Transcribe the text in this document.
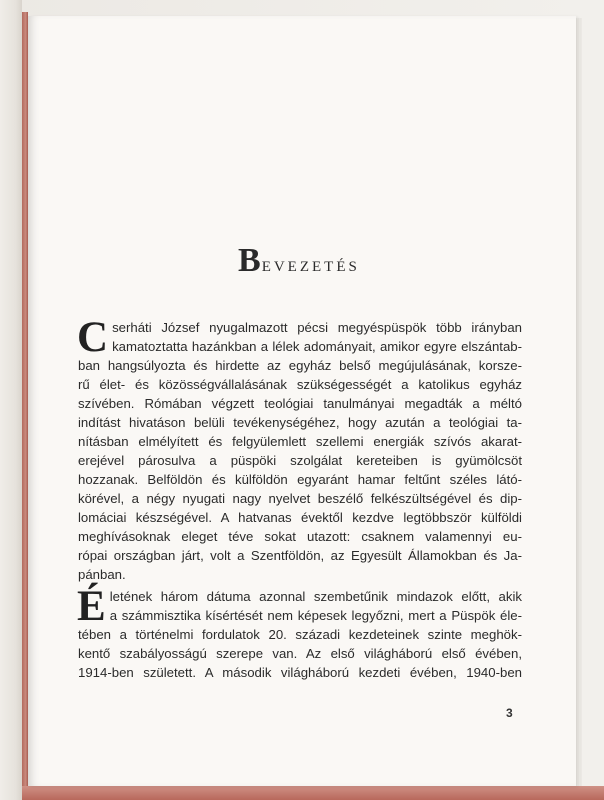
BEVEZETÉS
C serháti József nyugalmazott pécsi megyéspüspök több irányban
kamatoztatta hazánkban a lélek adományait, amikor egyre elszántab-
ban hangsúlyozta és hirdette az egyház belső megújulásának, korsze-
rű élet- és közösségvállalásának szükségességét a katolikus egyház
szívében. Rómában végzett teológiai tanulmányai megadták a méltó
indítást hivatáson belüli tevékenységéhez, hogy azután a teológiai ta-
nításban elmélyített és felgyülemlett szellemi energiák szívós akarat-
erejével párosulva a püspöki szolgálat kereteiben is gyümölcsöt
hozzanak. Belföldön és külföldön egyaránt hamar feltűnt széles látó-
körével, a négy nyugati nagy nyelvet beszélő felkészültségével és dip-
lomáciai készségével. A hatvanas évektől kezdve legtöbbször külföldi
meghívásoknak eleget téve sokat utazott: csaknem valamennyi eu-
rópai országban járt, volt a Szentföldön, az Egyesült Államokban és Ja-
pánban.
É letének három dátuma azonnal szembetűnik mindazok előtt, akik
a számmisztika kísértését nem képesek legyőzni, mert a Püspök éle-
tében a történelmi fordulatok 20. századi kezdeteinek szinte meghök-
kentő szabályosságú szerepe van. Az első világháború első évében,
1914-ben született. A második világháború kezdeti évében, 1940-ben
3
